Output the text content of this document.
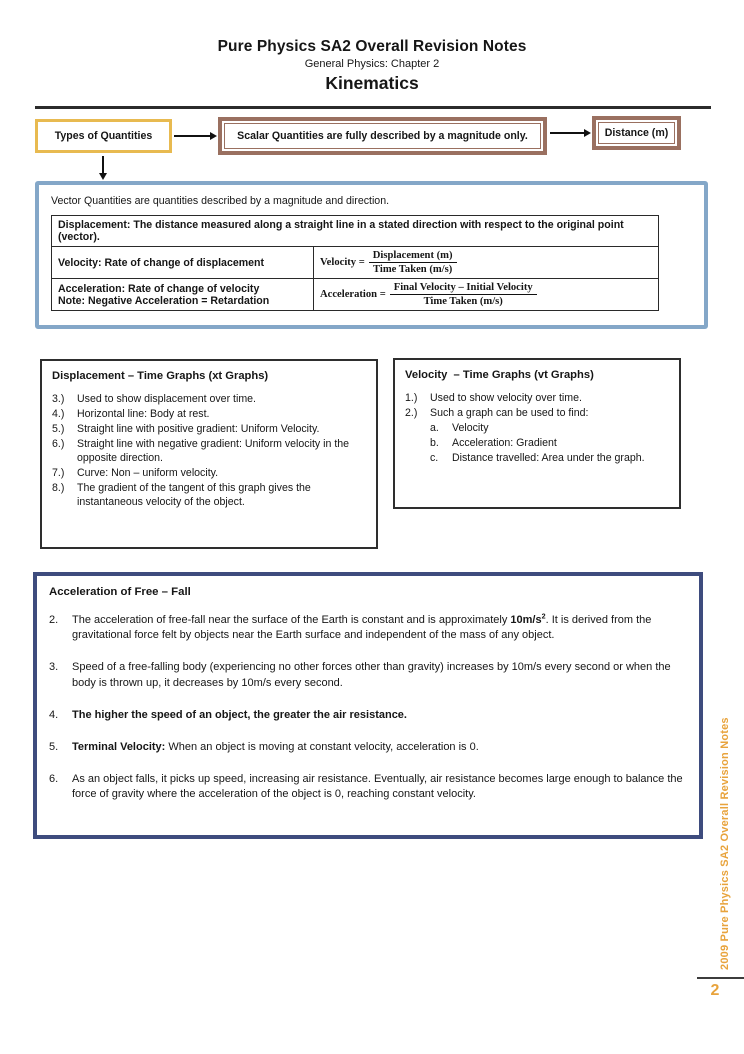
Pure Physics SA2 Overall Revision Notes
General Physics: Chapter 2
Kinematics
Types of Quantities	Scalar Quantities are fully described by a magnitude only.	Distance (m)
Vector Quantities are quantities described by a magnitude and direction.
Displacement: The distance measured along a straight line in a stated direction with respect to the original point (vector).	
Velocity: Rate of change of displacement	Velocity = $\frac{\text{Displacement (m)}}{\text{Time Taken (m/s)}}$

Acceleration: Rate of change of velocity
Note: Negative Acceleration = Retardation	Acceleration = $\frac{\text{Final Velocity – Initial Velocity}}{\text{Time Taken (m/s)}}$
Displacement – Time Graphs (xt Graphs)
3.)	Used to show displacement over time.
4.)	Horizontal line: Body at rest.
5.)	Straight line with positive gradient: Uniform Velocity.
6.)	Straight line with negative gradient: Uniform velocity in the opposite direction.
7.)	Curve: Non – uniform velocity.
8.)	The gradient of the tangent of this graph gives the instantaneous velocity of the object.
Velocity  – Time Graphs (vt Graphs)
1.)	Used to show velocity over time.
2.)	Such a graph can be used to find:
a.	Velocity
b.	Acceleration: Gradient
c.	Distance travelled: Area under the graph.
Acceleration of Free – Fall
2.	The acceleration of free-fall near the surface of the Earth is constant and is approximately $10m/s^2$. It is derived from the gravitational force felt by objects near the Earth surface and independent of the mass of any object.
3.	Speed of a free-falling body (experiencing no other forces other than gravity) increases by 10m/s every second or when the body is thrown up, it decreases by 10m/s every second.
4.	The higher the speed of an object, the greater the air resistance.
5.	Terminal Velocity: When an object is moving at constant velocity, acceleration is 0.
6.	As an object falls, it picks up speed, increasing air resistance. Eventually, air resistance becomes large enough to balance the force of gravity where the acceleration of the object is 0, reaching constant velocity.	2009 Pure Physics SA2 Overall Revision Notes
2
